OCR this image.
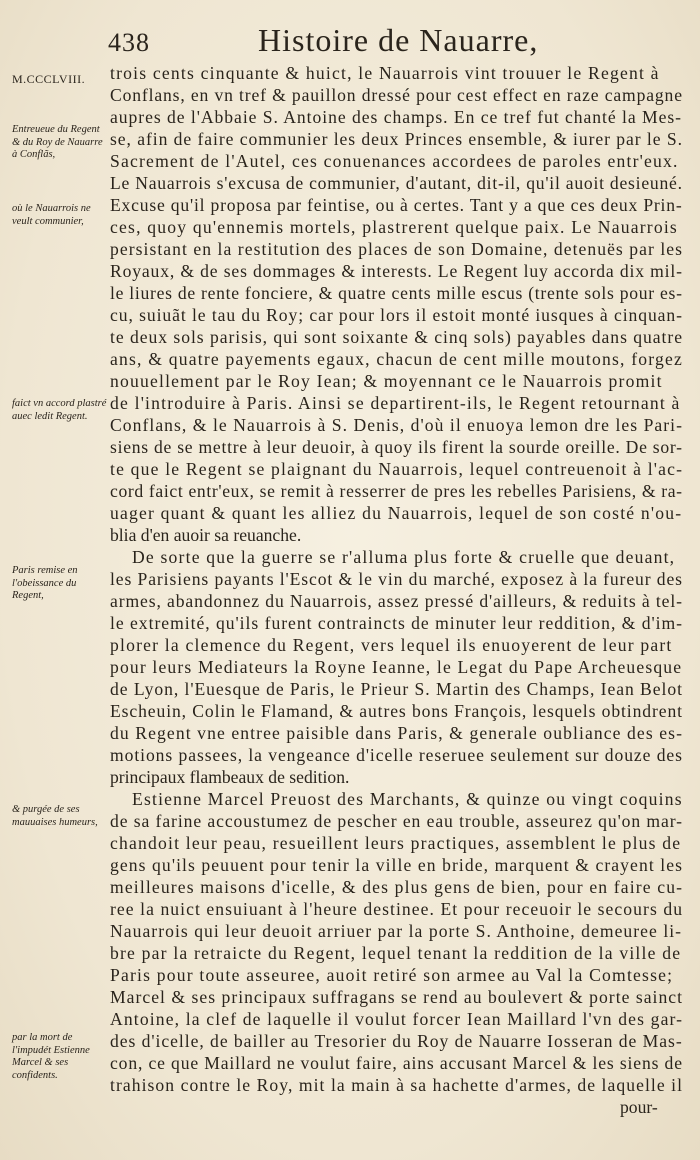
438	Histoire de Nauarre,
M.CCCLVIII.
Entreueue du Regent & du Roy de Nauarre à Conflãs,
où le Nauarrois ne veult communier,
faict vn accord plastré auec ledit Regent.
Paris remise en l'obeissance du Regent,
& purgée de ses mauuaises humeurs,
par la mort de l'impudét Estienne Marcel & ses confidents.
trois cents cinquante & huict, le Nauarrois vint trouuer le Regent à
Conflans, en vn tref & pauillon dressé pour cest effect en raze campagne
aupres de l'Abbaie S. Antoine des champs. En ce tref fut chanté la Mes-
se, afin de faire communier les deux Princes ensemble, & iurer par le S.
Sacrement de l'Autel, ces conuenances accordees de paroles entr'eux.
Le Nauarrois s'excusa de communier, d'autant, dit-il, qu'il auoit desieuné.
Excuse qu'il proposa par feintise, ou à certes. Tant y a que ces deux Prin-
ces, quoy qu'ennemis mortels, plastrerent quelque paix. Le Nauarrois
persistant en la restitution des places de son Domaine, detenuës par les
Royaux, & de ses dommages & interests. Le Regent luy accorda dix mil-
le liures de rente fonciere, & quatre cents mille escus (trente sols pour es-
cu, suiuãt le tau du Roy; car pour lors il estoit monté iusques à cinquan-
te deux sols parisis, qui sont soixante & cinq sols) payables dans quatre
ans, & quatre payements egaux, chacun de cent mille moutons, forgez
nouuellement par le Roy Iean; & moyennant ce le Nauarrois promit
de l'introduire à Paris. Ainsi se departirent-ils, le Regent retournant à
Conflans, & le Nauarrois à S. Denis, d'où il enuoya lemon dre les Pari-
siens de se mettre à leur deuoir, à quoy ils firent la sourde oreille. De sor-
te que le Regent se plaignant du Nauarrois, lequel contreuenoit à l'ac-
cord faict entr'eux, se remit à resserrer de pres les rebelles Parisiens, & ra-
uager quant & quant les alliez du Nauarrois, lequel de son costé n'ou-
blia d'en auoir sa reuanche.
De sorte que la guerre se r'alluma plus forte & cruelle que deuant,
les Parisiens payants l'Escot & le vin du marché, exposez à la fureur des
armes, abandonnez du Nauarrois, assez pressé d'ailleurs, & reduits à tel-
le extremité, qu'ils furent contraincts de minuter leur reddition, & d'im-
plorer la clemence du Regent, vers lequel ils enuoyerent de leur part
pour leurs Mediateurs la Royne Ieanne, le Legat du Pape Archeuesque
de Lyon, l'Euesque de Paris, le Prieur S. Martin des Champs, Iean Belot
Escheuin, Colin le Flamand, & autres bons François, lesquels obtindrent
du Regent vne entree paisible dans Paris, & generale oubliance des es-
motions passees, la vengeance d'icelle reseruee seulement sur douze des
principaux flambeaux de sedition.
Estienne Marcel Preuost des Marchants, & quinze ou vingt coquins
de sa farine accoustumez de pescher en eau trouble, asseurez qu'on mar-
chandoit leur peau, resueillent leurs practiques, assemblent le plus de
gens qu'ils peuuent pour tenir la ville en bride, marquent & crayent les
meilleures maisons d'icelle, & des plus gens de bien, pour en faire cu-
ree la nuict ensuiuant à l'heure destinee. Et pour receuoir le secours du
Nauarrois qui leur deuoit arriuer par la porte S. Anthoine, demeuree li-
bre par la retraicte du Regent, lequel tenant la reddition de la ville de
Paris pour toute asseuree, auoit retiré son armee au Val la Comtesse;
Marcel & ses principaux suffragans se rend au boulevert & porte sainct
Antoine, la clef de laquelle il voulut forcer Iean Maillard l'vn des gar-
des d'icelle, de bailler au Tresorier du Roy de Nauarre Iosseran de Mas-
con, ce que Maillard ne voulut faire, ains accusant Marcel & les siens de
trahison contre le Roy, mit la main à sa hachette d'armes, de laquelle il
pour-
